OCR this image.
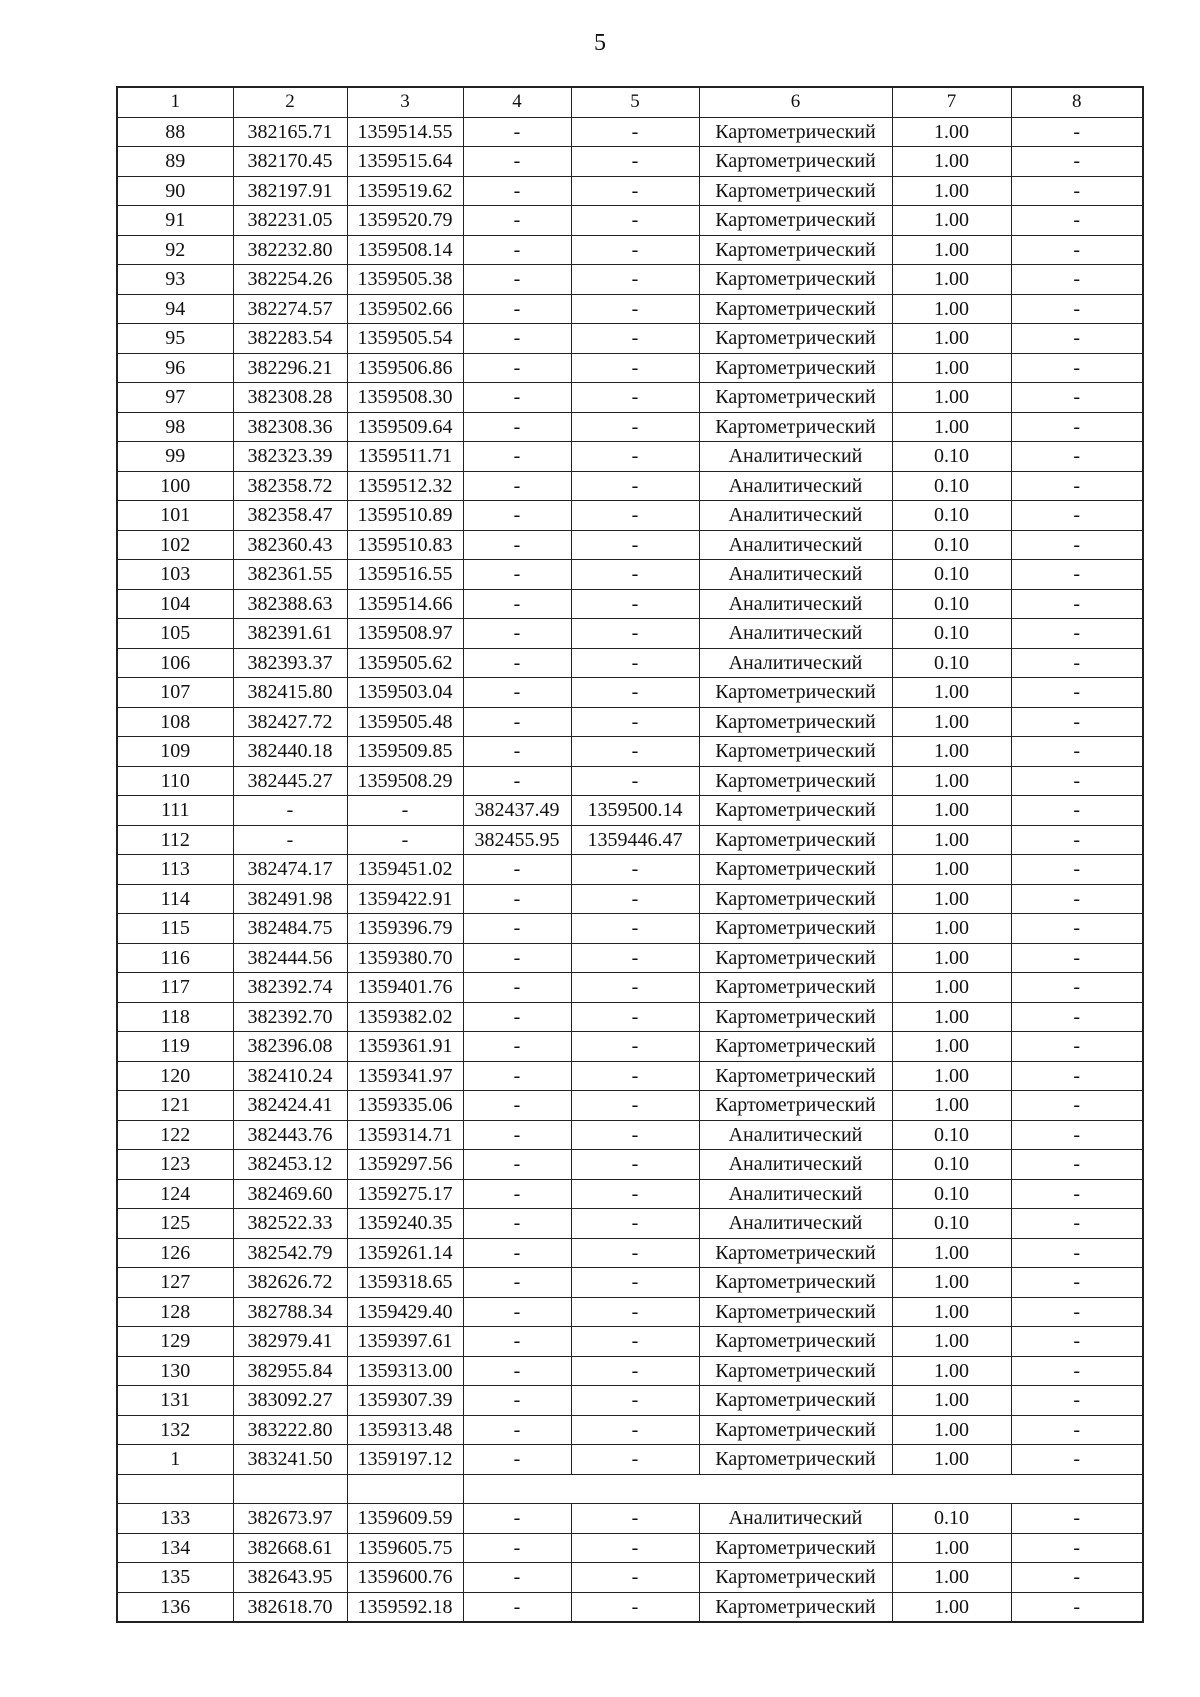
5
1	2	3	4	5	6	7	8
88	382165.71	1359514.55	-	-	Картометрический	1.00	-
89	382170.45	1359515.64	-	-	Картометрический	1.00	-
90	382197.91	1359519.62	-	-	Картометрический	1.00	-
91	382231.05	1359520.79	-	-	Картометрический	1.00	-
92	382232.80	1359508.14	-	-	Картометрический	1.00	-
93	382254.26	1359505.38	-	-	Картометрический	1.00	-
94	382274.57	1359502.66	-	-	Картометрический	1.00	-
95	382283.54	1359505.54	-	-	Картометрический	1.00	-
96	382296.21	1359506.86	-	-	Картометрический	1.00	-
97	382308.28	1359508.30	-	-	Картометрический	1.00	-
98	382308.36	1359509.64	-	-	Картометрический	1.00	-
99	382323.39	1359511.71	-	-	Аналитический	0.10	-
100	382358.72	1359512.32	-	-	Аналитический	0.10	-
101	382358.47	1359510.89	-	-	Аналитический	0.10	-
102	382360.43	1359510.83	-	-	Аналитический	0.10	-
103	382361.55	1359516.55	-	-	Аналитический	0.10	-
104	382388.63	1359514.66	-	-	Аналитический	0.10	-
105	382391.61	1359508.97	-	-	Аналитический	0.10	-
106	382393.37	1359505.62	-	-	Аналитический	0.10	-
107	382415.80	1359503.04	-	-	Картометрический	1.00	-
108	382427.72	1359505.48	-	-	Картометрический	1.00	-
109	382440.18	1359509.85	-	-	Картометрический	1.00	-
110	382445.27	1359508.29	-	-	Картометрический	1.00	-
111	-	-	382437.49	1359500.14	Картометрический	1.00	-
112	-	-	382455.95	1359446.47	Картометрический	1.00	-
113	382474.17	1359451.02	-	-	Картометрический	1.00	-
114	382491.98	1359422.91	-	-	Картометрический	1.00	-
115	382484.75	1359396.79	-	-	Картометрический	1.00	-
116	382444.56	1359380.70	-	-	Картометрический	1.00	-
117	382392.74	1359401.76	-	-	Картометрический	1.00	-
118	382392.70	1359382.02	-	-	Картометрический	1.00	-
119	382396.08	1359361.91	-	-	Картометрический	1.00	-
120	382410.24	1359341.97	-	-	Картометрический	1.00	-
121	382424.41	1359335.06	-	-	Картометрический	1.00	-
122	382443.76	1359314.71	-	-	Аналитический	0.10	-
123	382453.12	1359297.56	-	-	Аналитический	0.10	-
124	382469.60	1359275.17	-	-	Аналитический	0.10	-
125	382522.33	1359240.35	-	-	Аналитический	0.10	-
126	382542.79	1359261.14	-	-	Картометрический	1.00	-
127	382626.72	1359318.65	-	-	Картометрический	1.00	-
128	382788.34	1359429.40	-	-	Картометрический	1.00	-
129	382979.41	1359397.61	-	-	Картометрический	1.00	-
130	382955.84	1359313.00	-	-	Картометрический	1.00	-
131	383092.27	1359307.39	-	-	Картометрический	1.00	-
132	383222.80	1359313.48	-	-	Картометрический	1.00	-
1	383241.50	1359197.12	-	-	Картометрический	1.00	-

133	382673.97	1359609.59	-	-	Аналитический	0.10	-
134	382668.61	1359605.75	-	-	Картометрический	1.00	-
135	382643.95	1359600.76	-	-	Картометрический	1.00	-
136	382618.70	1359592.18	-	-	Картометрический	1.00	-
